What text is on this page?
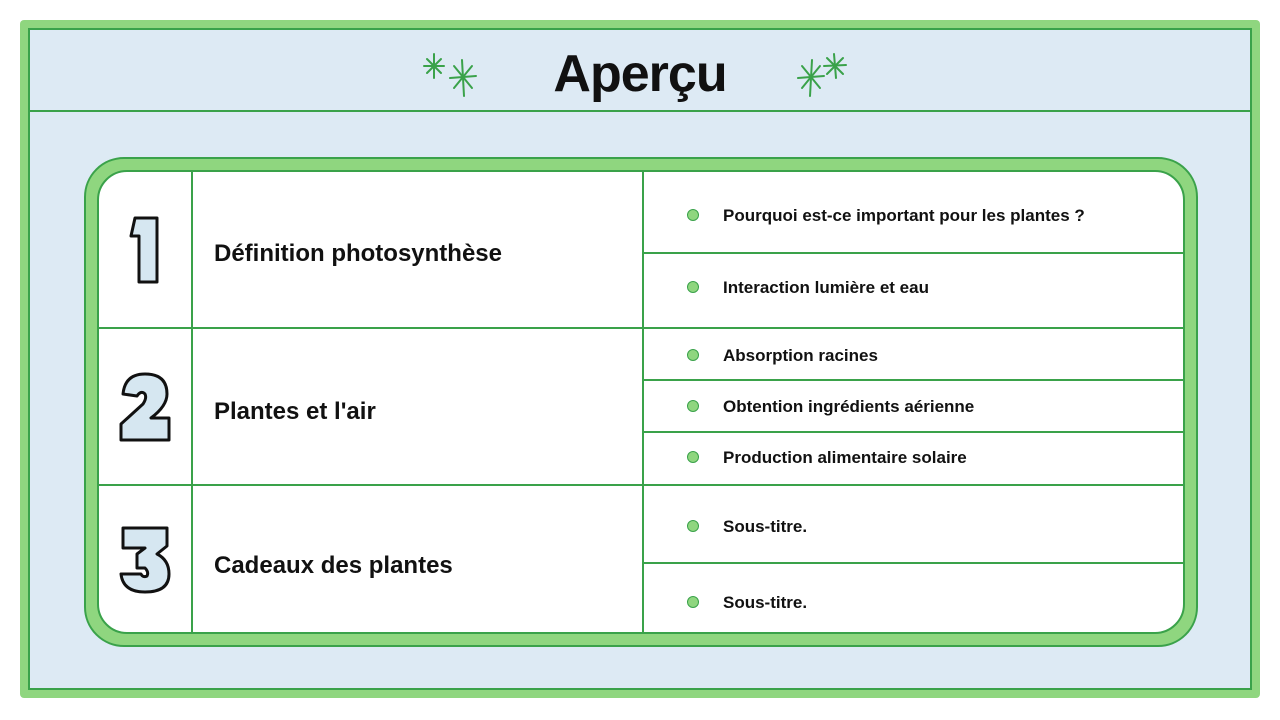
Aperçu
Définition photosynthèse
Pourquoi est-ce important pour les plantes ?
Interaction lumière et eau
Plantes et l'air
Absorption racines
Obtention ingrédients aérienne
Production alimentaire solaire
Cadeaux des plantes
Sous-titre.
Sous-titre.
